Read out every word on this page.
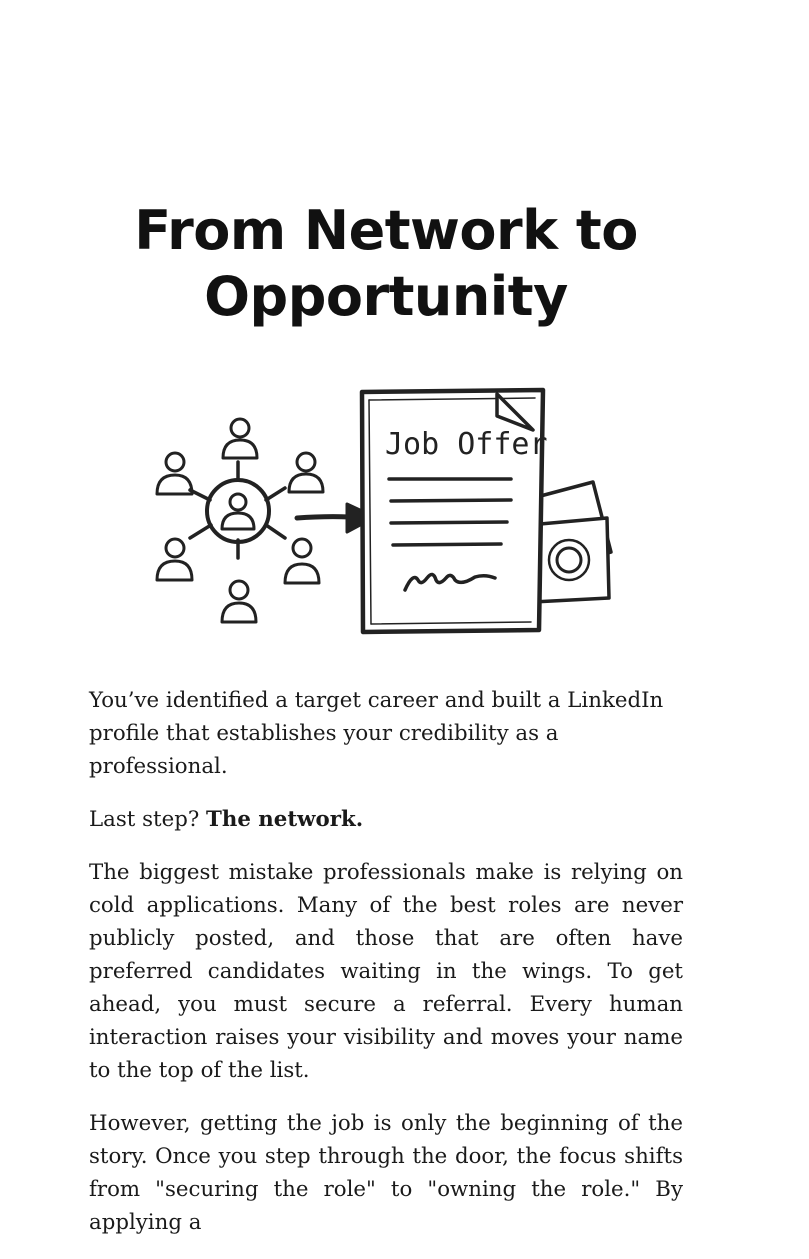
From Network to Opportunity
Job Offer

You’ve identified a target career and built a LinkedIn profile that establishes your credibility as a professional.

Last step? The network.

The biggest mistake professionals make is relying on cold applications. Many of the best roles are never publicly posted, and those that are often have preferred candidates waiting in the wings. To get ahead, you must secure a referral. Every human interaction raises your visibility and moves your name to the top of the list.

However, getting the job is only the beginning of the story. Once you step through the door, the focus shifts from "securing the role" to "owning the role." By applying a
